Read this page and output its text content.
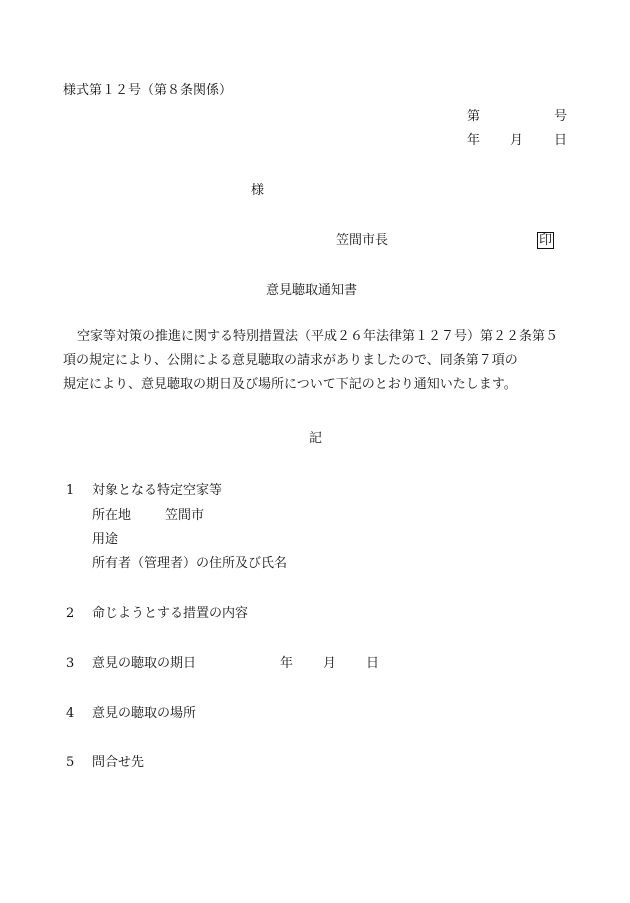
様式第１２号（第８条関係）
第	号
年 月 日
様
笠間市長	印
意見聴取通知書
空家等対策の推進に関する特別措置法（平成２６年法律第１２７号）第２２条第５
項の規定により、公開による意見聴取の請求がありましたので、同条第７項の
規定により、意見聴取の期日及び場所について下記のとおり通知いたします。
記
1	対象となる特定空家等
所在地	笠間市
用途
所有者（管理者）の住所及び氏名
2	命じようとする措置の内容
3	意見の聴取の期日	年 月 日
4	意見の聴取の場所
5	問合せ先
